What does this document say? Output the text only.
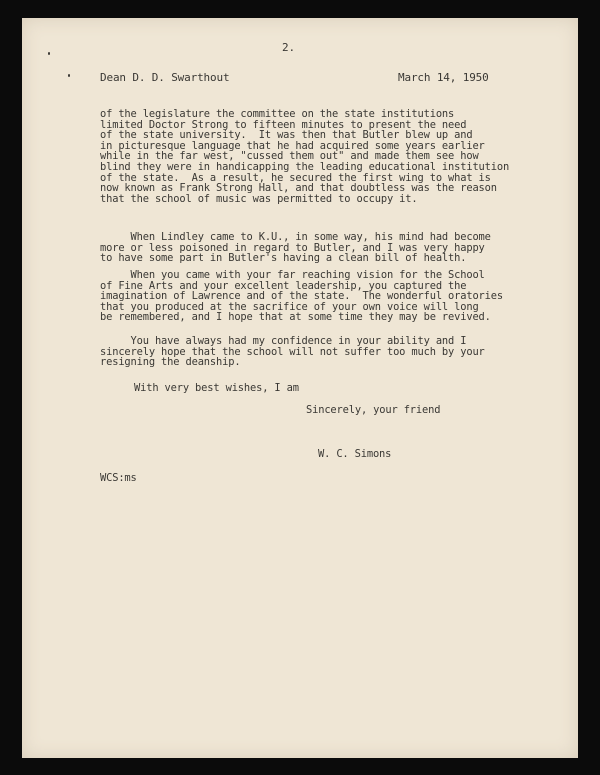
2.
Dean D. D. Swarthout	March 14, 1950
of the legislature the committee on the state institutions
limited Doctor Strong to fifteen minutes to present the need
of the state university.  It was then that Butler blew up and
in picturesque language that he had acquired some years earlier
while in the far west, "cussed them out" and made them see how
blind they were in handicapping the leading educational institution
of the state.  As a result, he secured the first wing to what is
now known as Frank Strong Hall, and that doubtless was the reason
that the school of music was permitted to occupy it.
When Lindley came to K.U., in some way, his mind had become
more or less poisoned in regard to Butler, and I was very happy
to have some part in Butler's having a clean bill of health.
When you came with your far reaching vision for the School
of Fine Arts and your excellent leadership, you captured the
imagination of Lawrence and of the state.  The wonderful oratories
that you produced at the sacrifice of your own voice will long
be remembered, and I hope that at some time they may be revived.
You have always had my confidence in your ability and I
sincerely hope that the school will not suffer too much by your
resigning the deanship.
With very best wishes, I am
Sincerely, your friend
W. C. Simons
WCS:ms
